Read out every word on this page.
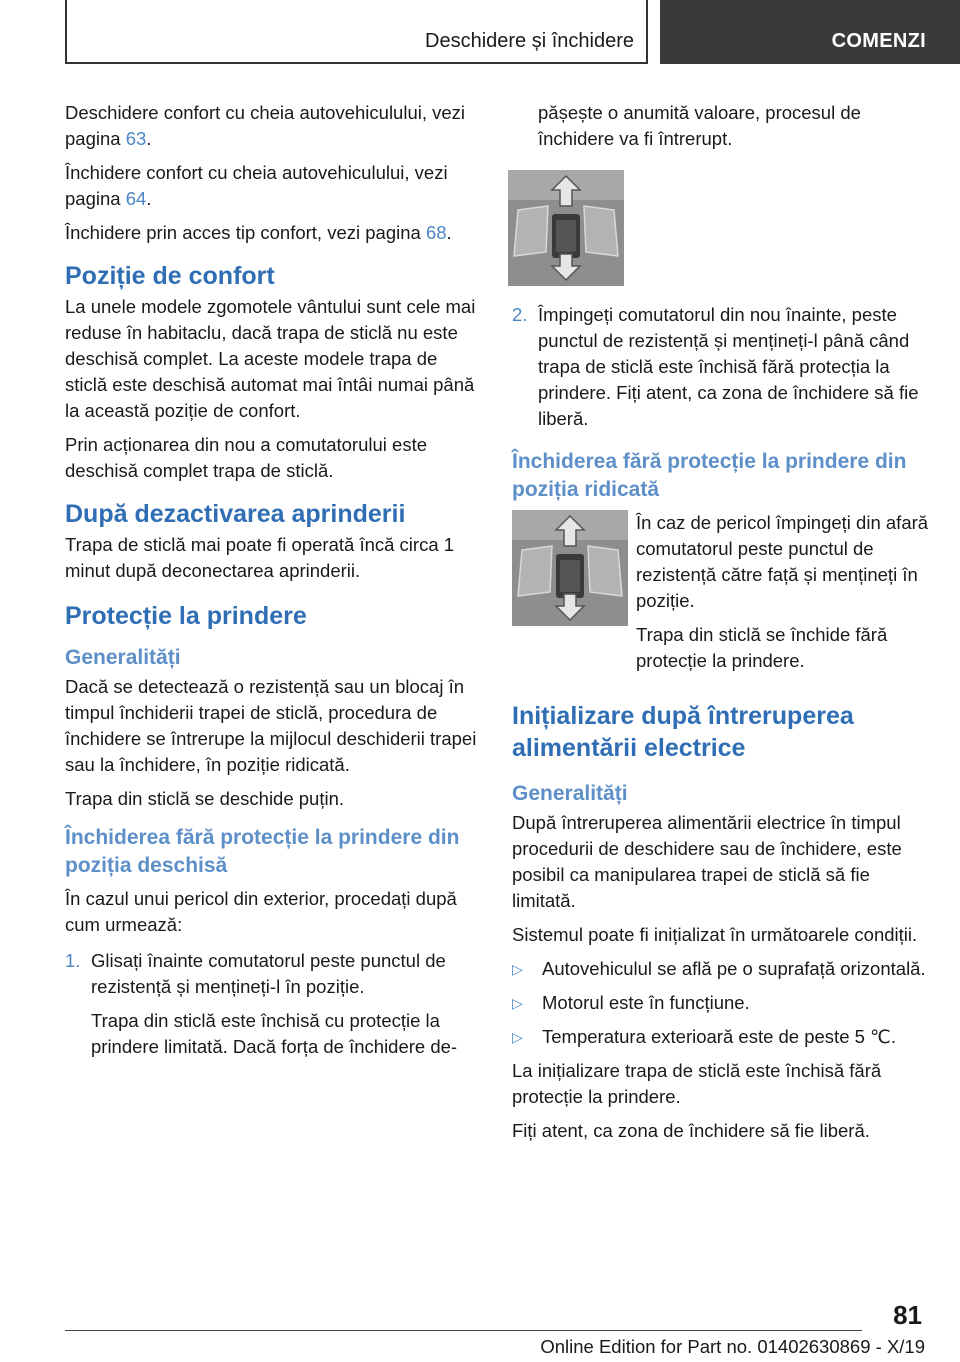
Deschidere și închidere	COMENZI

Deschidere confort cu cheia autovehiculului, vezi pagina 63.

Închidere confort cu cheia autovehiculului, vezi pagina 64.

Închidere prin acces tip confort, vezi pagina 68.

Poziție de confort

La unele modele zgomotele vântului sunt cele mai reduse în habitaclu, dacă trapa de sticlă nu este deschisă complet. La aceste modele trapa de sticlă este deschisă automat mai întâi numai până la această poziție de confort.

Prin acționarea din nou a comutatorului este deschisă complet trapa de sticlă.

După dezactivarea aprinderii

Trapa de sticlă mai poate fi operată încă circa 1 minut după deconectarea aprinderii.

Protecție la prindere
Generalități

Dacă se detectează o rezistență sau un blocaj în timpul închiderii trapei de sticlă, procedura de închidere se întrerupe la mijlocul deschiderii trapei sau la închidere, în poziție ridicată.

Trapa din sticlă se deschide puțin.

Închiderea fără protecție la prindere din poziția deschisă

În cazul unui pericol din exterior, procedați după cum urmează:

1. Glisați înainte comutatorul peste punctul de rezistență și mențineți-l în poziție.

Trapa din sticlă este închisă cu protecție la prindere limitată. Dacă forța de închidere de-

pășește o anumită valoare, procesul de închidere va fi întrerupt.

2. Împingeți comutatorul din nou înainte, peste punctul de rezistență și mențineți-l până când trapa de sticlă este închisă fără protecția la prindere. Fiți atent, ca zona de închidere să fie liberă.

Închiderea fără protecție la prindere din poziția ridicată

În caz de pericol împingeți din afară comutatorul peste punctul de rezistență către față și mențineți în poziție.

Trapa din sticlă se închide fără protecție la prindere.

Inițializare după întreruperea alimentării electrice
Generalități

După întreruperea alimentării electrice în timpul procedurii de deschidere sau de închidere, este posibil ca manipularea trapei de sticlă să fie limitată.

Sistemul poate fi inițializat în următoarele condiții.

▷ Autovehiculul se află pe o suprafață orizontală.
▷ Motorul este în funcțiune.
▷ Temperatura exterioară este de peste 5 ℃.

La inițializare trapa de sticlă este închisă fără protecție la prindere.

Fiți atent, ca zona de închidere să fie liberă.

81
Online Edition for Part no. 01402630869 - X/19
